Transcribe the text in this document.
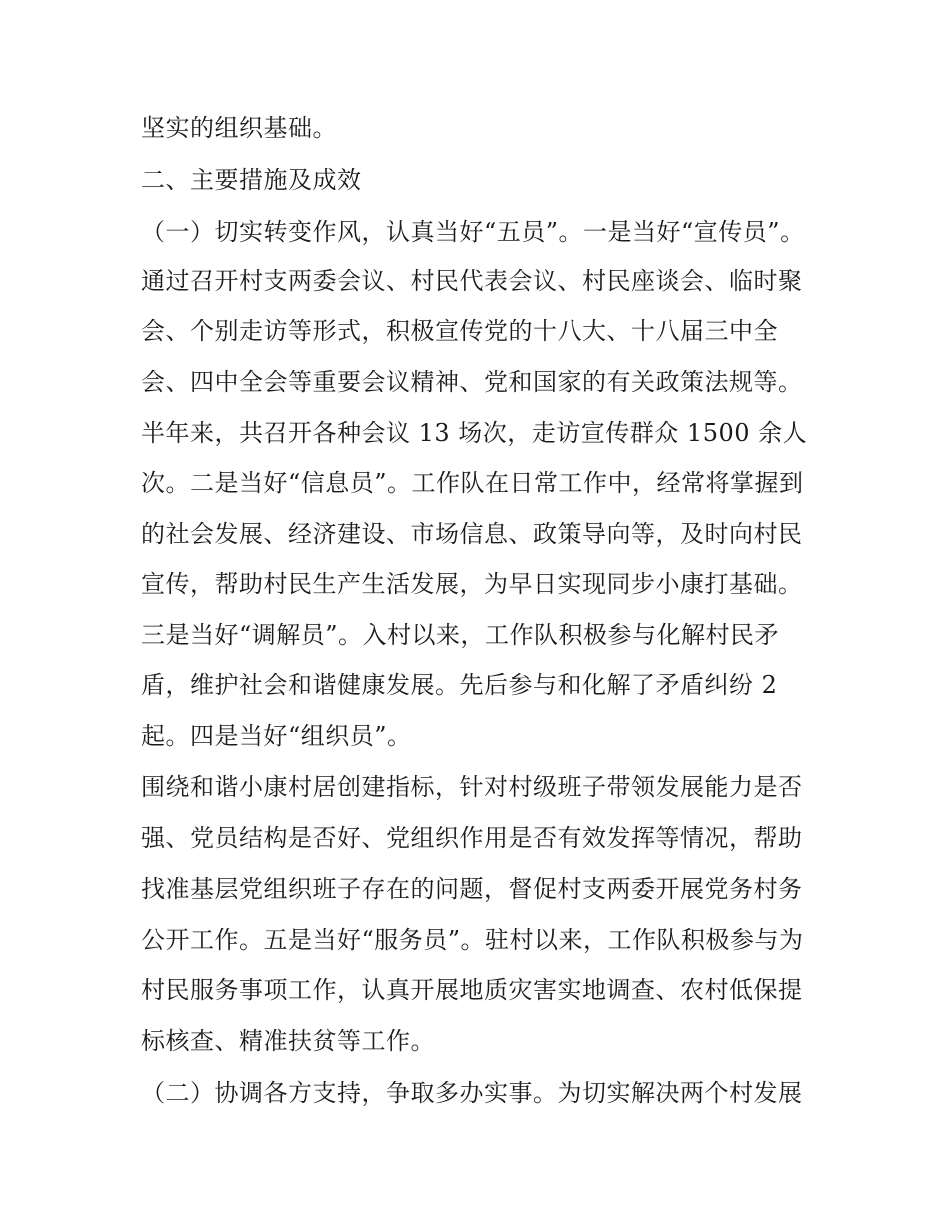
坚实的组织基础。
二、主要措施及成效
（一）切实转变作风，认真当好“五员”。一是当好“宣传员”。
通过召开村支两委会议、村民代表会议、村民座谈会、临时聚
会、个别走访等形式，积极宣传党的十八大、十八届三中全
会、四中全会等重要会议精神、党和国家的有关政策法规等。
半年来，共召开各种会议 13 场次，走访宣传群众 1500 余人
次。二是当好“信息员”。工作队在日常工作中，经常将掌握到
的社会发展、经济建设、市场信息、政策导向等，及时向村民
宣传，帮助村民生产生活发展，为早日实现同步小康打基础。
三是当好“调解员”。入村以来，工作队积极参与化解村民矛
盾，维护社会和谐健康发展。先后参与和化解了矛盾纠纷 2
起。四是当好“组织员”。
围绕和谐小康村居创建指标，针对村级班子带领发展能力是否
强、党员结构是否好、党组织作用是否有效发挥等情况，帮助
找准基层党组织班子存在的问题，督促村支两委开展党务村务
公开工作。五是当好“服务员”。驻村以来，工作队积极参与为
村民服务事项工作，认真开展地质灾害实地调查、农村低保提
标核查、精准扶贫等工作。
（二）协调各方支持，争取多办实事。为切实解决两个村发展
